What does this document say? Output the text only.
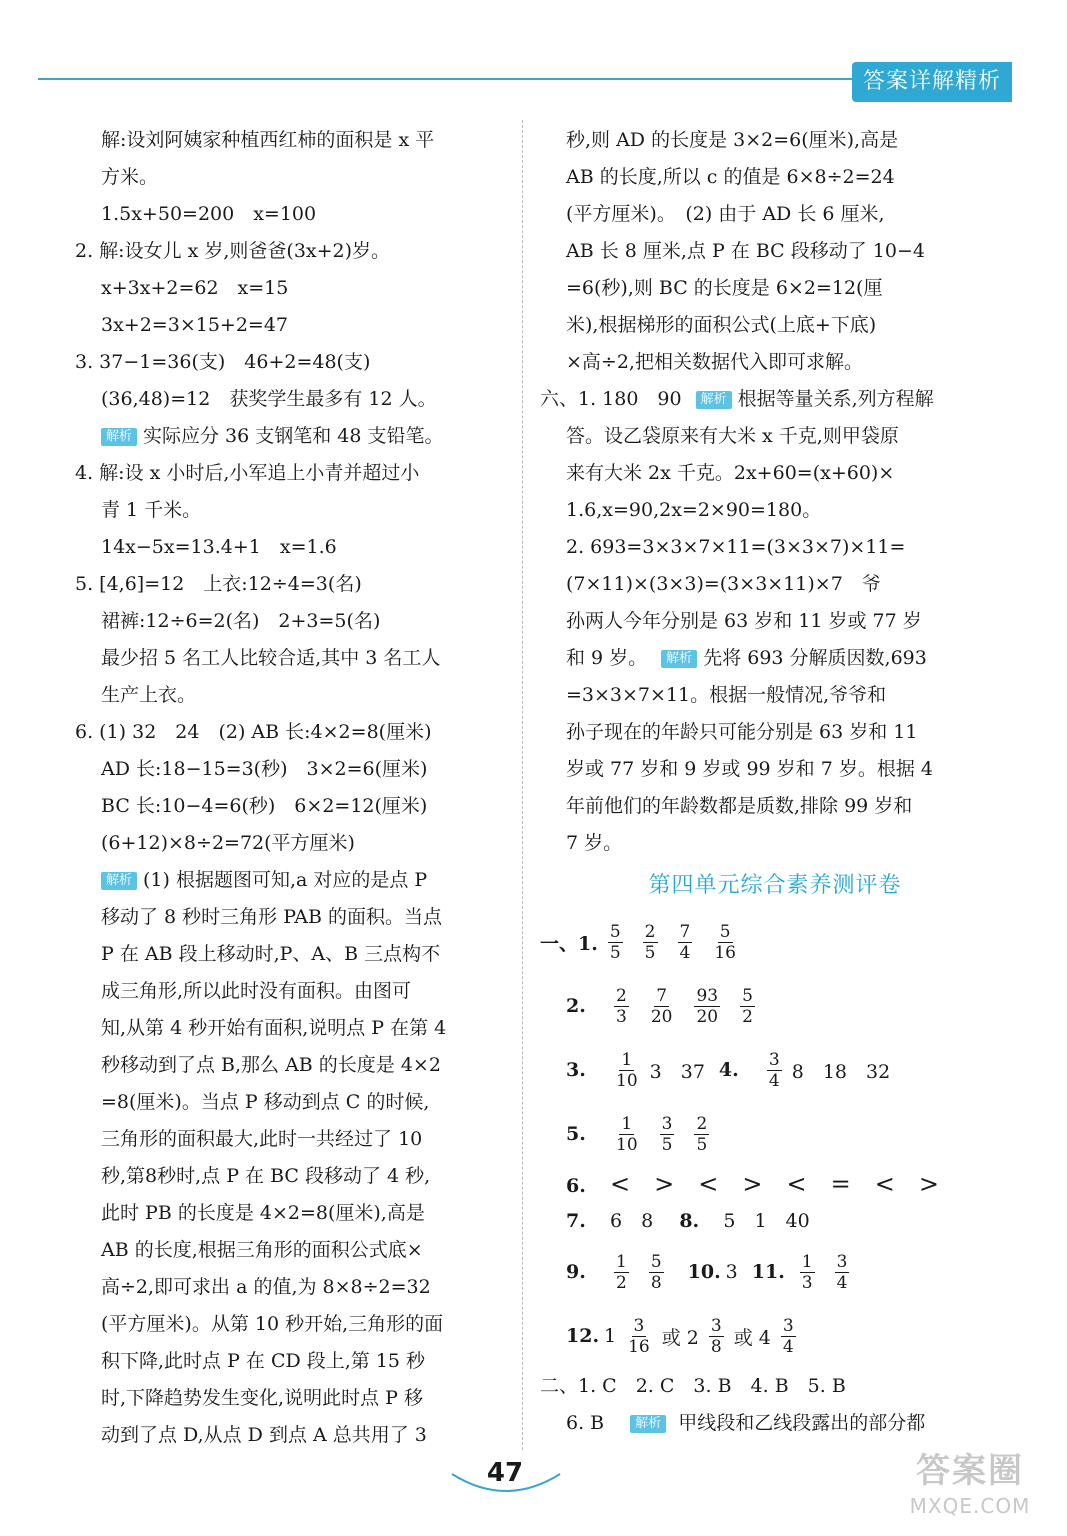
答案详解精析
解:设刘阿姨家种植西红柿的面积是 x 平
方米。
1.5x+50=200　x=100
2. 解:设女儿 x 岁,则爸爸(3x+2)岁。
x+3x+2=62　x=15
3x+2=3×15+2=47
3. 37−1=36(支)　46+2=48(支)
(36,48)=12　获奖学生最多有 12 人。
解析 实际应分 36 支钢笔和 48 支铅笔。
4. 解:设 x 小时后,小军追上小青并超过小
青 1 千米。
14x−5x=13.4+1　x=1.6
5. [4,6]=12　上衣:12÷4=3(名)
裙裤:12÷6=2(名)　2+3=5(名)
最少招 5 名工人比较合适,其中 3 名工人
生产上衣。
6. (1) 32　24　(2) AB 长:4×2=8(厘米)
AD 长:18−15=3(秒)　3×2=6(厘米)
BC 长:10−4=6(秒)　6×2=12(厘米)
(6+12)×8÷2=72(平方厘米)
解析 (1) 根据题图可知,a 对应的是点 P
移动了 8 秒时三角形 PAB 的面积。当点
P 在 AB 段上移动时,P、A、B 三点构不
成三角形,所以此时没有面积。由图可
知,从第 4 秒开始有面积,说明点 P 在第 4
秒移动到了点 B,那么 AB 的长度是 4×2
=8(厘米)。当点 P 移动到点 C 的时候,
三角形的面积最大,此时一共经过了 10
秒,第8秒时,点 P 在 BC 段移动了 4 秒,
此时 PB 的长度是 4×2=8(厘米),高是
AB 的长度,根据三角形的面积公式底×
高÷2,即可求出 a 的值,为 8×8÷2=32
(平方厘米)。从第 10 秒开始,三角形的面
积下降,此时点 P 在 CD 段上,第 15 秒
时,下降趋势发生变化,说明此时点 P 移
动到了点 D,从点 D 到点 A 总共用了 3
秒,则 AD 的长度是 3×2=6(厘米),高是
AB 的长度,所以 c 的值是 6×8÷2=24
(平方厘米)。　(2) 由于 AD 长 6 厘米,
AB 长 8 厘米,点 P 在 BC 段移动了 10−4
=6(秒),则 BC 的长度是 6×2=12(厘
米),根据梯形的面积公式(上底+下底)
×高÷2,把相关数据代入即可求解。
六、1. 180　90 解析 根据等量关系,列方程解
答。设乙袋原来有大米 x 千克,则甲袋原
来有大米 2x 千克。2x+60=(x+60)×
1.6,x=90,2x=2×90=180。
2. 693=3×3×7×11=(3×3×7)×11=
(7×11)×(3×3)=(3×3×11)×7　爷
孙两人今年分别是 63 岁和 11 岁或 77 岁
和 9 岁。 解析 先将 693 分解质因数,693
=3×3×7×11。根据一般情况,爷爷和
孙子现在的年龄只可能分别是 63 岁和 11
岁或 77 岁和 9 岁或 99 岁和 7 岁。根据 4
年前他们的年龄数都是质数,排除 99 岁和
7 岁。
第四单元综合素养测评卷
一、1. $\frac{5}{5} \frac{2}{5} \frac{7}{4} \frac{5}{16}$
2.	$\frac{2}{3} \frac{7}{20} \frac{93}{20} \frac{5}{2}$
3.	$\frac{1}{10} 3$　37 4.	$\frac{3}{4} 8$　18　32
5.	$\frac{1}{10} \frac{3}{5} \frac{2}{5}$
6. < > < > < = < >
7. 6　8 8. 5　1　40
9.	$\frac{1}{2} \frac{5}{8} 10$. 3 11. $\frac{1}{3} \frac{3}{4}$
12. $1 \frac{3}{16}$ 或 $2 \frac{3}{8}$ 或 $4 \frac{3}{4}$
二、1. C　2. C　3. B　4. B　5. B
6. B 解析 甲线段和乙线段露出的部分都
47	答案圈
MXQE.COM
